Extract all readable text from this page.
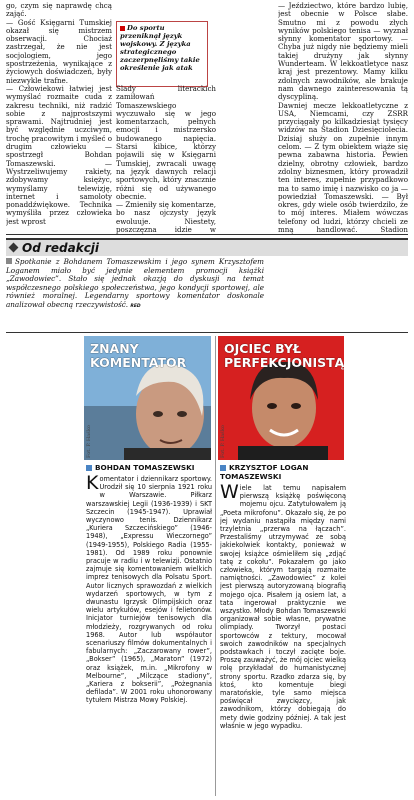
go, czym się naprawdę chcą zająć.
— Gość Księgarni Tumskiej okazał się mistrzem obserwacji. Chociaż zastrzegał, że nie jest socjologiem, jego spostrzeżenia, wynikające z życiowych doświadczeń, były niezwykle trafne.
— Człowiekowi łatwiej jest wymyślać rozmaite cuda z zakresu techniki, niż radzić sobie z najprostszymi sprawami. Najtrudniej jest być względnie uczciwym, trochę pracowitym i myśleć o drugim człowieku — spostrzegł Bohdan Tomaszewski. — Wystrzeliwujemy rakiety, zdobywamy księżyc, wymyślamy telewizję, internet i samoloty ponaddźwiękowe. Technika wymyśliła przez człowieka jest wprost
Do sportu przeniknął język wojskowy. Z języka strategicznego zaczerpnęliśmy takie określenie jak atak
Ślady literackich zamiłowań Tomaszewskiego wyczuwało się w jego komentarzach, pełnych emocji i mistrzersko budowanego napięcia. Starsi kibice, którzy pojawili się w Księgarni Tumskiej, zwracali uwagę na język dawnych relacji sportowych, który znacznie różni się od używanego obecnie.
— Zmieniły się komentarze, bo nasz ojczysty język ewoluuje. Niestety, poszczęzna idzie w
— Jeździectwo, które bardzo lubię, jest obecnie w Polsce słabe. Smutno mi z powodu złych wyników polskiego tenisa — wyznał słynny komentator sportowy. — Chyba już nigdy nie będziemy mieli takiej drużyny jak słynny Wunderteam. W lekkoatletyce nasz kraj jest prezentowy. Mamy kilku zdolnych zawodników, ale brakuje nam dawnego zainteresowania tą dyscypliną.
Dawniej mecze lekkoatletyczne z USA, Niemcami, czy ZSRR przyciągały po kilkadziesiąt tysięcy widzów na Stadion Dziesięciolecia. Dzisiaj służy on zupełnie innym celom. — Z tym obiektem wiąże się pewna zabawna historia. Pewien dzielny, obrotny człowiek, bardzo zdolny biznesmen, który prowadził ten interes, zupełnie przypadkowo ma to samo imię i nazwisko co ja — powiedział Tomaszewski. — Był okres, gdy wiele osób twierdziło, że to mój interes. Miałem wówczas telefony od ludzi, którzy chcieli ze mną handlować. Stadion
Od redakcji
Spotkanie z Bohdanem Tomaszewskim i jego synem Krzysztofem Loganem miało być jedynie elementem promocji książki „Zawodowiec”. Stało się jednak okazją do dyskusji na temat współczesnego polskiego społeczeństwa, jego kondycji sportowej, ale również moralnej. Legendarny sportowy komentator doskonale analizował obecną rzeczywistość. RED
ZNANY
KOMENTATOR
OJCIEC BYŁ
PERFEKCJONISTĄ
Fot. P. Haśko	Fot. P. Haśko
BOHDAN TOMASZEWSKI
Komentator i dziennikarz sportowy. Urodził się 10 sierpnia 1921 roku w Warszawie. Piłkarz warszawskiej Legii (1936-1939) i SKT Szczecin (1945-1947). Uprawiał wyczynowo tenis. Dziennikarz „Kuriera Szczecińskiego” (1946-1948), „Expressu Wieczornego” (1949-1955), Polskiego Radia (1955-1981). Od 1989 roku ponownie pracuje w radiu i w telewizji. Ostatnio zajmuje się komentowaniem wielkich imprez tenisowych dla Polsatu Sport. Autor licznych sprawozdań z wielkich wydarzeń sportowych, w tym z dwunastu Igrzysk Olimpijskich oraz wielu artykułów, esejów i felietonów. Inicjator turniejów tenisowych dla młodzieży, rozgrywanych od roku 1968. Autor lub współautor scenariuszy filmów dokumentalnych i fabularnych: „Zaczarowany rower”, „Bokser” (1965), „Maraton” (1972) oraz książek, m.in. „Mikrofony w Melbourne”, „Milczące stadiony”, „Kariera z bokserii”, „Pożegnania defilada”. W 2001 roku uhonorowany tytułem Mistrza Mowy Polskiej.
KRZYSZTOF LOGAN
TOMASZEWSKI
Wiele lat temu napisałem pierwszą książkę poświęconą mojemu ojcu. Zatytułowałem ją „Poeta mikrofonu”. Okazało się, że po jej wydaniu nastąpiła między nami trzyletnia „przerwa na łączach”. Przestaliśmy utrzymywać ze sobą jakiekolwiek kontakty, ponieważ w swojej książce ośmieliłem się „zdjąć tatę z cokołu”. Pokazałem go jako człowieka, którym targają rozmaite namiętności. „Zawodowiec” z kolei jest pierwszą autoryzowaną biografią mojego ojca. Pisałem ją osiem lat, a tata ingerował praktycznie we wszystko. Młody Bohdan Tomaszewski organizował sobie własne, prywatne olimpiady. Tworzył postaci sportowców z tektury, mocował swoich zawodników na specjalnych podstawkach i toczył zacięte boje. Proszę zauważyć, że mój ojciec wielką rolę przykładał do humanistycznej strony sportu. Rzadko zdarza się, by ktoś, kto komentuje biegi maratońskie, tyle samo miejsca poświęcał zwycięzcy, jak zawodnikom, którzy dobiegają do mety dwie godziny później. A tak jest właśnie w jego wypadku.
